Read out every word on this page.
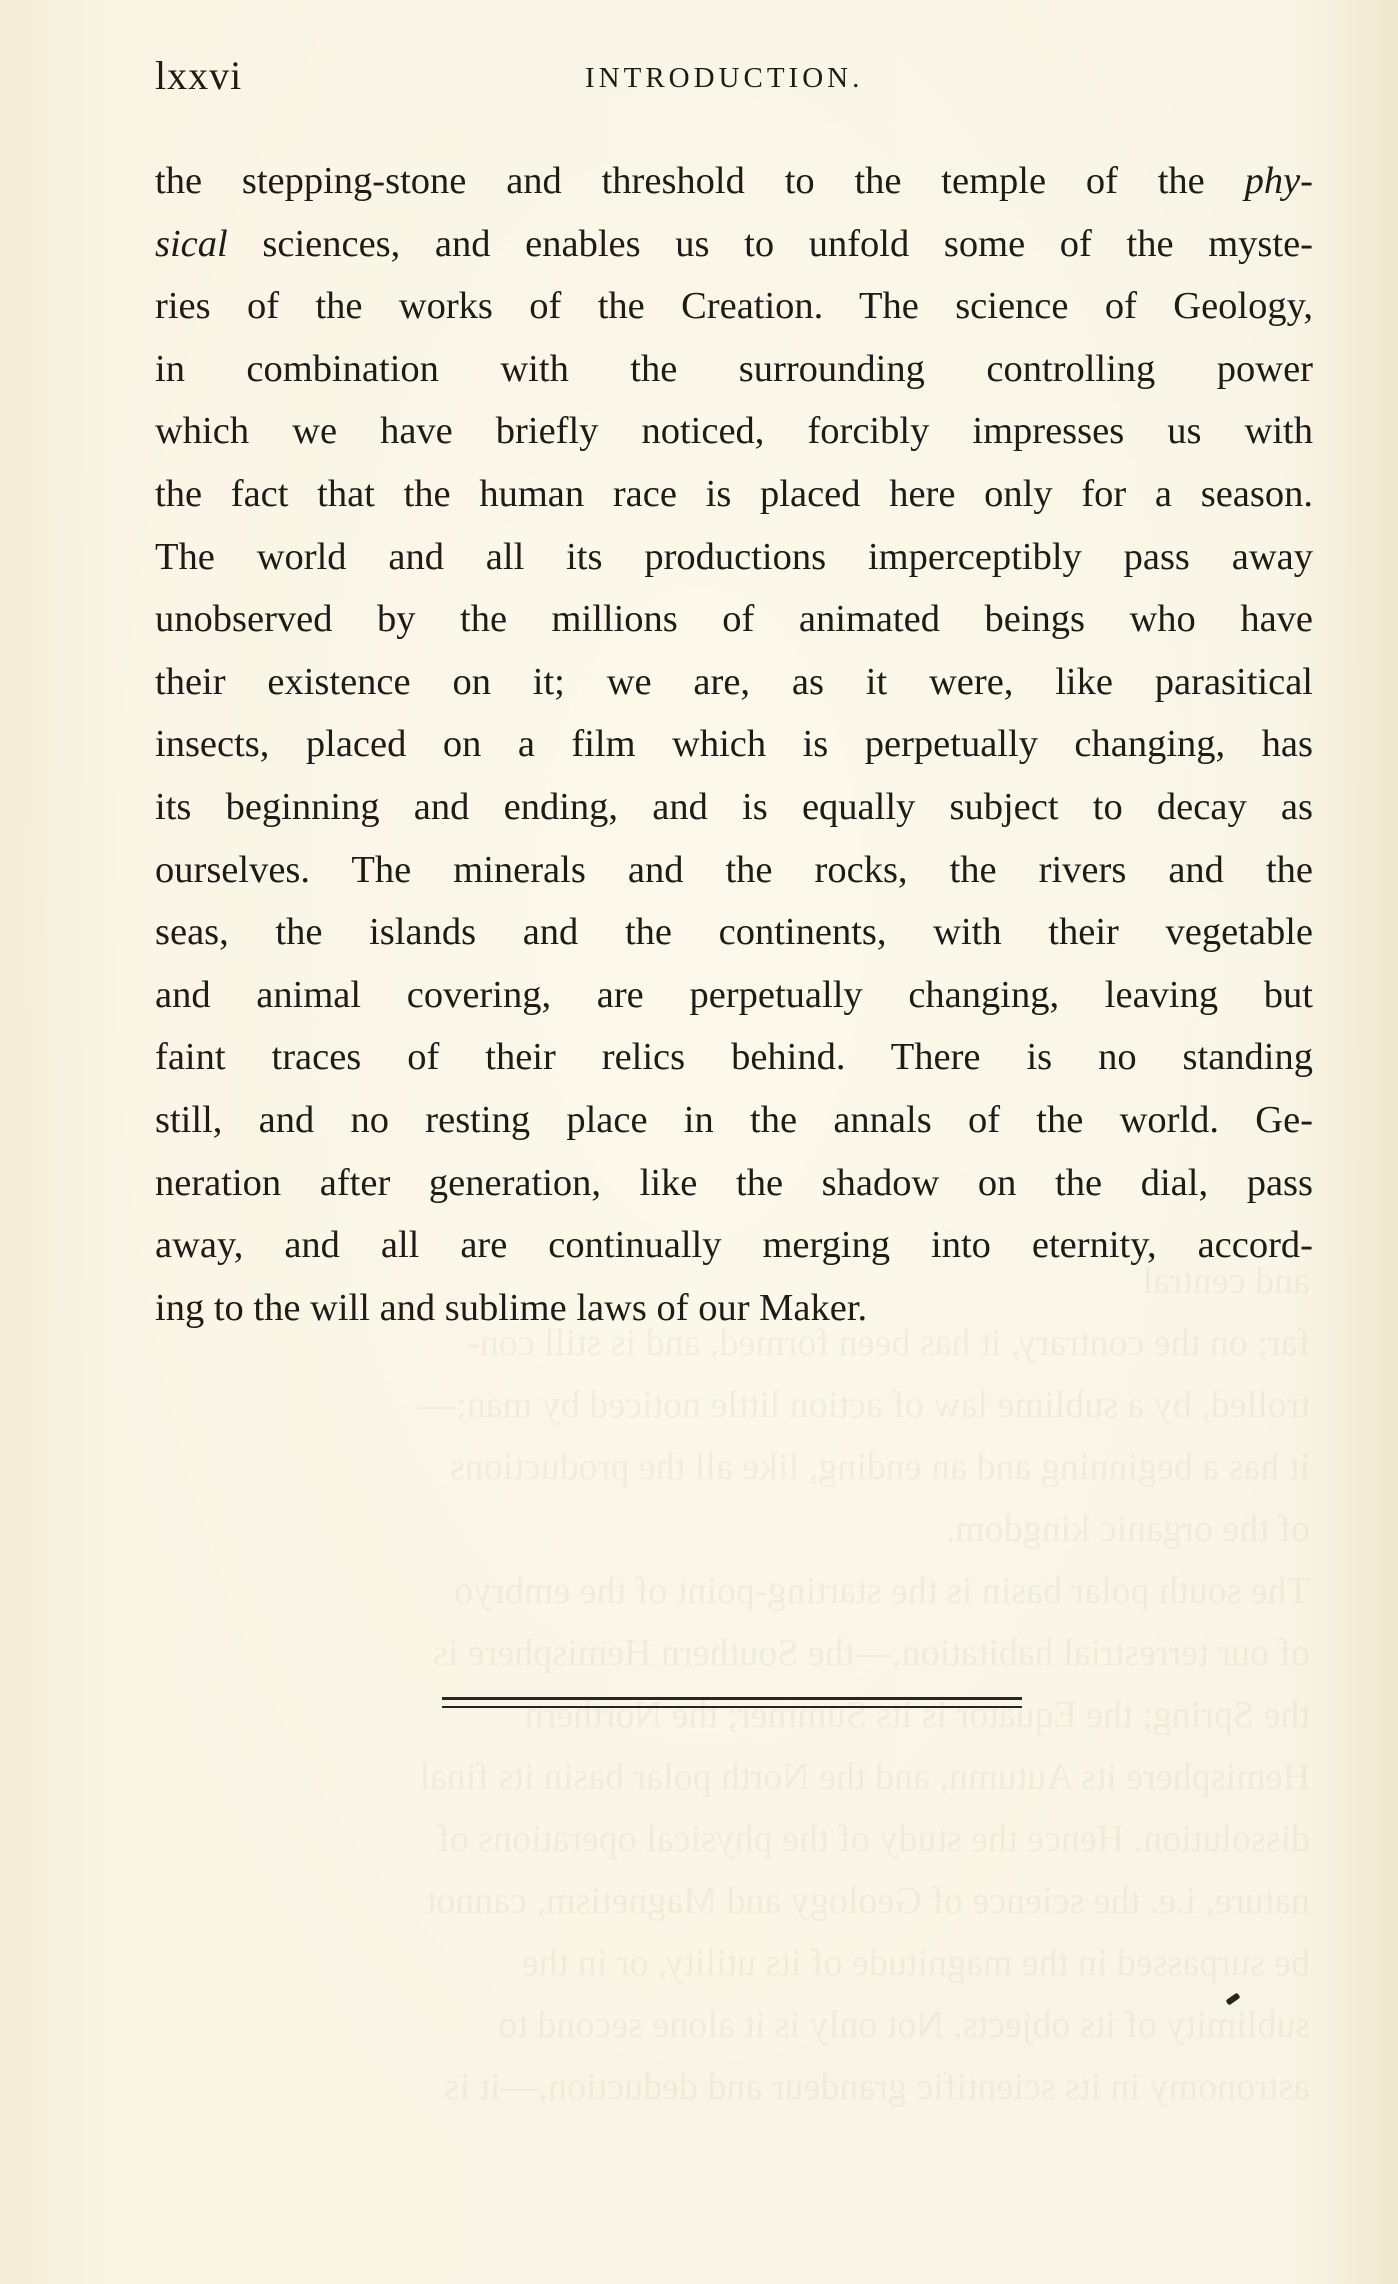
lxxvi	INTRODUCTION.
and central
far; on the contrary, it has been formed, and is still con-
trolled, by a sublime law of action little noticed by man;—
it has a beginning and an ending, like all the productions
of the organic kingdom.
The south polar basin is the starting-point of the embryo
of our terrestrial habitation,—the Southern Hemisphere is
the Spring; the Equator is its Summer; the Northern
Hemisphere its Autumn, and the North polar basin its final
dissolution. Hence the study of the physical operations of
nature, i.e. the science of Geology and Magnetism, cannot
be surpassed in the magnitude of its utility, or in the
sublimity of its objects. Not only is it alone second to
astronomy in its scientific grandeur and deduction,—it is
the stepping-stone and threshold to the temple of the phy-
sical sciences, and enables us to unfold some of the myste-
ries of the works of the Creation. The science of Geology,
in combination with the surrounding controlling power
which we have briefly noticed, forcibly impresses us with
the fact that the human race is placed here only for a season.
The world and all its productions imperceptibly pass away
unobserved by the millions of animated beings who have
their existence on it; we are, as it were, like parasitical
insects, placed on a film which is perpetually changing, has
its beginning and ending, and is equally subject to decay as
ourselves. The minerals and the rocks, the rivers and the
seas, the islands and the continents, with their vegetable
and animal covering, are perpetually changing, leaving but
faint traces of their relics behind. There is no standing
still, and no resting place in the annals of the world. Ge-
neration after generation, like the shadow on the dial, pass
away, and all are continually merging into eternity, accord-
ing to the will and sublime laws of our Maker.
